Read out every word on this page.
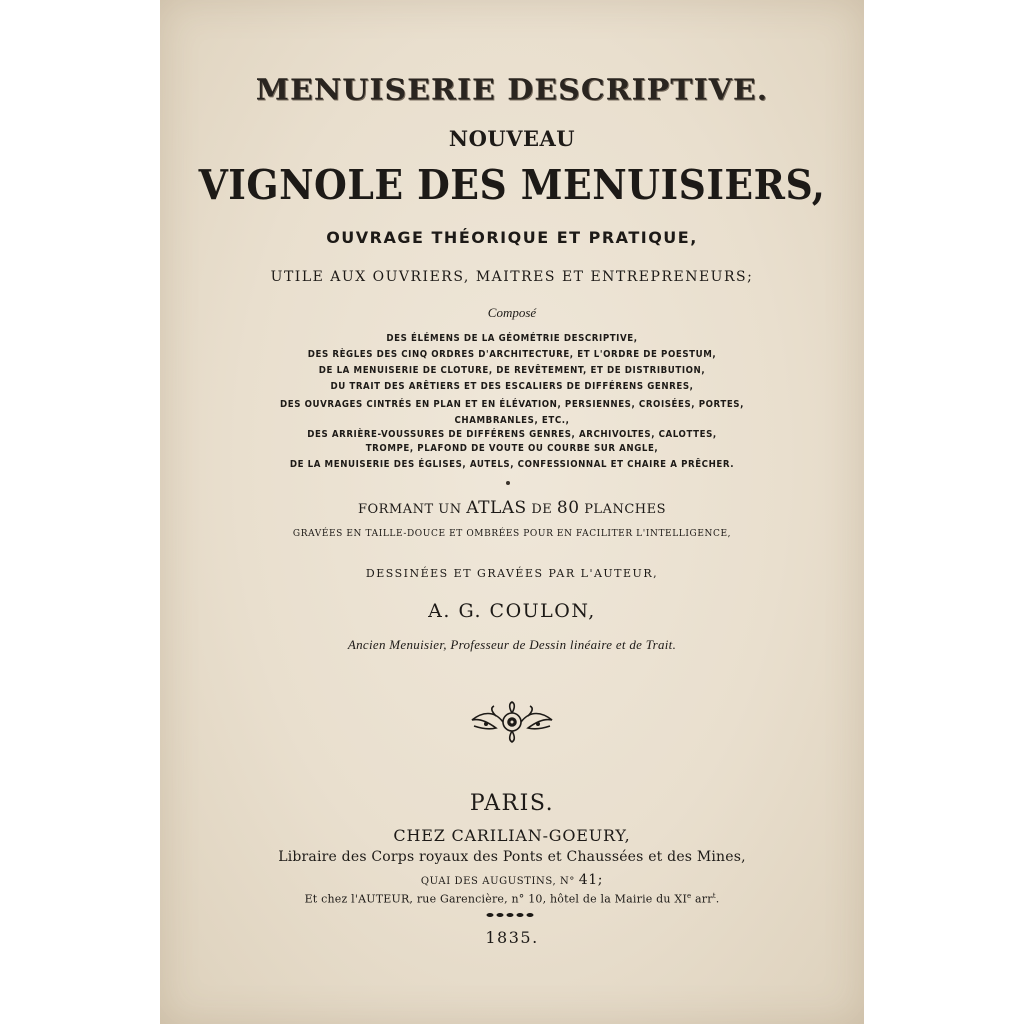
MENUISERIE DESCRIPTIVE.
NOUVEAU
VIGNOLE DES MENUISIERS,
OUVRAGE THÉORIQUE ET PRATIQUE,
UTILE AUX OUVRIERS, MAITRES ET ENTREPRENEURS;
Composé
DES ÉLÉMENS DE LA GÉOMÉTRIE DESCRIPTIVE,
DES RÈGLES DES CINQ ORDRES D'ARCHITECTURE, ET L'ORDRE DE POESTUM,
DE LA MENUISERIE DE CLOTURE, DE REVÊTEMENT, ET DE DISTRIBUTION,
DU TRAIT DES ARÊTIERS ET DES ESCALIERS DE DIFFÉRENS GENRES,
DES OUVRAGES CINTRÉS EN PLAN ET EN ÉLÉVATION, PERSIENNES, CROISÉES, PORTES,
CHAMBRANLES, ETC.,
DES ARRIÈRE-VOUSSURES DE DIFFÉRENS GENRES, ARCHIVOLTES, CALOTTES,
TROMPE, PLAFOND DE VOUTE OU COURBE SUR ANGLE,
DE LA MENUISERIE DES ÉGLISES, AUTELS, CONFESSIONNAL ET CHAIRE A PRÊCHER.
FORMANT UN ATLAS DE 80 PLANCHES
GRAVÉES EN TAILLE-DOUCE ET OMBRÉES POUR EN FACILITER L'INTELLIGENCE,
DESSINÉES ET GRAVÉES PAR L'AUTEUR,
A. G. COULON,
Ancien Menuisier, Professeur de Dessin linéaire et de Trait.
PARIS.
CHEZ CARILIAN-GOEURY,
Libraire des Corps royaux des Ponts et Chaussées et des Mines,
QUAI DES AUGUSTINS, N° 41;
Et chez l'AUTEUR, rue Garencière, n° 10, hôtel de la Mairie du XIe arr$^t$.
1835.
